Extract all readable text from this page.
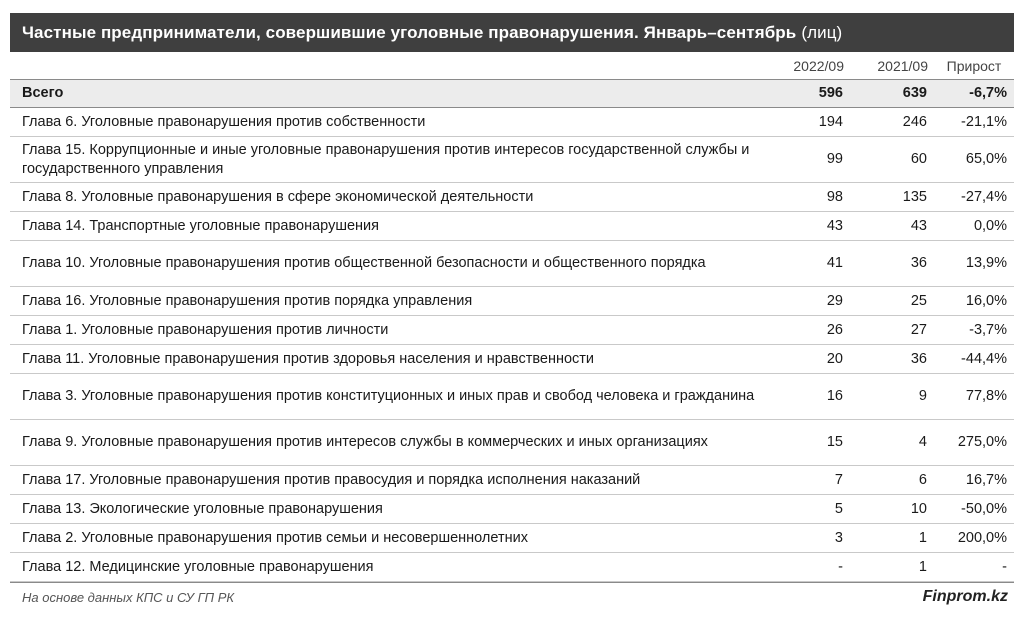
Частные предприниматели, совершившие уголовные правонарушения. Январь–сентябрь (лиц)
	2022/09	2021/09	Прирост
Всего	596	639	-6,7%
Глава 6. Уголовные правонарушения против собственности	194	246	-21,1%
Глава 15. Коррупционные и иные уголовные правонарушения против интересов государственной службы и государственного управления	99	60	65,0%
Глава 8. Уголовные правонарушения в сфере экономической деятельности	98	135	-27,4%
Глава 14. Транспортные уголовные правонарушения	43	43	0,0%
Глава 10. Уголовные правонарушения против общественной безопасности и общественного порядка	41	36	13,9%
Глава 16. Уголовные правонарушения против порядка управления	29	25	16,0%
Глава 1. Уголовные правонарушения против личности	26	27	-3,7%
Глава 11. Уголовные правонарушения против здоровья населения и нравственности	20	36	-44,4%
Глава 3. Уголовные правонарушения против конституционных и иных прав и свобод человека и гражданина	16	9	77,8%
Глава 9. Уголовные правонарушения против интересов службы в коммерческих и иных организациях	15	4	275,0%
Глава 17. Уголовные правонарушения против правосудия и порядка исполнения наказаний	7	6	16,7%
Глава 13. Экологические уголовные правонарушения	5	10	-50,0%
Глава 2. Уголовные правонарушения против семьи и несовершеннолетних	3	1	200,0%
Глава 12. Медицинские уголовные правонарушения	-	1	-
На основе данных КПС и СУ ГП РК	Finprom.kz
